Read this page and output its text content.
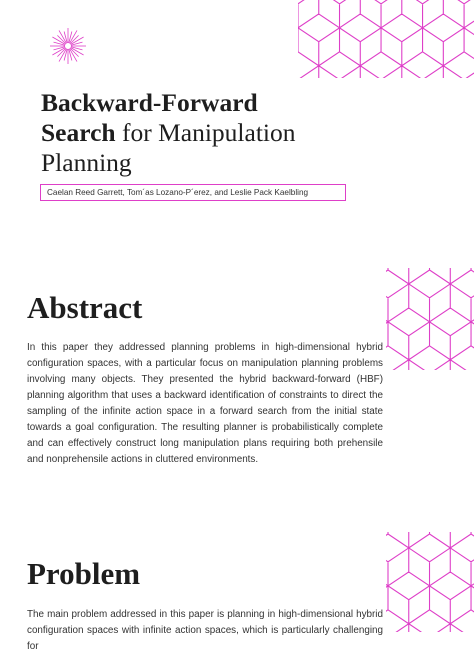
Backward-Forward
Search for Manipulation
Planning
Caelan Reed Garrett, Tom´as Lozano-P´erez, and Leslie Pack Kaelbling
Abstract

In this paper they addressed planning problems in high-dimensional hybrid configuration spaces, with a particular focus on manipulation planning problems involving many objects. They presented the hybrid backward-forward (HBF) planning algorithm that uses a backward identification of constraints to direct the sampling of the infinite action space in a forward search from the initial state towards a goal configuration. The resulting planner is probabilistically complete and can effectively construct long manipulation plans requiring both prehensile and nonprehensile actions in cluttered environments.

Problem

The main problem addressed in this paper is planning in high-dimensional hybrid configuration spaces with infinite action spaces, which is particularly challenging for
